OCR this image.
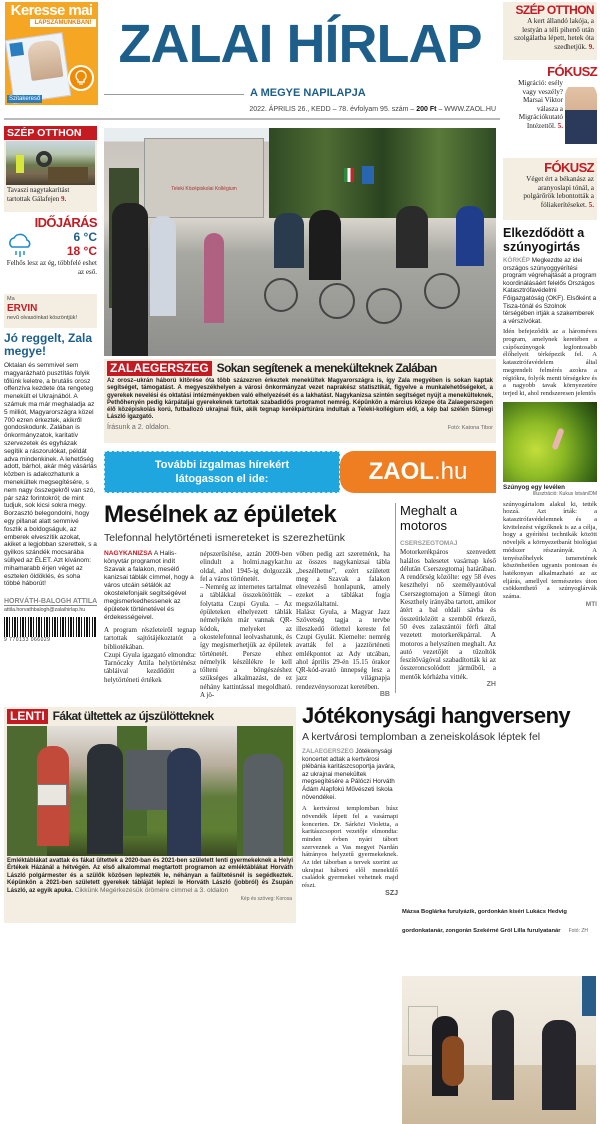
Keresse mai
LAPSZÁMUNKBAN!
Szitakereső
ZALAI HÍRLAP
A MEGYE NAPILAPJA
2022. ÁPRILIS 26., KEDD – 78. évfolyam 95. szám – 200 Ft – WWW.ZAOL.HU
SZÉP OTTHON
A kert állandó lakója, a lestyán a téli pihenő után szolgálatba lépett, hetek óta szedhetjük. 9.
FÓKUSZ
Migráció: esély vagy veszély? Marsai Viktor válasza a Migrációkutató Intézettől. 5.
FÓKUSZ
Véget ért a békanász az aranyoslapi tónál, a polgárőrök lebontották a fóliakerítéseket. 5.
SZÉP OTTHON
Tavaszi nagytakarítást tartottak Gálafejen 9.
IDŐJÁRÁS
6 °C
18 °C
Felhős lesz az ég, többfelé eshet az eső.
Ma
ERVIN
nevű olvasóinkat köszöntjük!
Jó reggelt, Zala megye!
Oktalan és semmivel sem magyarázható pusztítás folyik tőlünk keletre, a brutális orosz offenzíva kezdete óta rengeteg menekült el Ukrajnából. A számuk ma már meghaladja az 5 milliót, Magyarországra közel 700 ezren érkeztek, akikről gondoskodunk. Zalában is önkormányzatok, karitatív szervezetek és egyházak segítik a rászorulókat, példát adva mindenkinek. A lehetőség adott, bárhol, akár még vásárlás közben is adakozhatunk a menekültek megsegítésére, s nem nagy összegekről van szó, pár száz forintokról; de mint tudjuk, sok kicsi sokra megy. Borzasztó belegondolni, hogy egy pillanat alatt semmivé foszlik a boldogságuk, az emberek elveszítik azokat, akiket a legjobban szerettek, s a gyilkos szándék mocsarába süllyed az ÉLET. Azt kívánom: mihamarabb érjen véget az esztelen öldöklés, és soha többé háborút!
HORVÁTH-BALOGH ATTILA
attila.horvathbalogh@zalaihirlap.hu
9 770133 066029
Teleki Középiskolai Kollégium
ZALAEGERSZEG Sokan segítenek a menekülteknek Zalában
Az orosz–ukrán háború kitörése óta több százezren érkeztek menekültek Magyarországra is, így Zala megyében is sokan kaptak segítséget, támogatást. A megyeszékhelyen a városi önkormányzat vezet naprakész statisztikát, figyelve a munkalehetőségeket, a gyerekek nevelési és oktatási intézményekben való elhelyezését és a lakhatást. Nagykanizsa szintén segítséget nyújt a menekülteknek, Pethőhenyén pedig kárpátaljai gyerekeknek tartottak szabadidős programot nemrég. Képünkön a március közepe óta Zalaegerszegen élő középiskolás korú, futballozó ukrajnai fiúk, akik tegnap kerékpártúrára indultak a Teleki-kollégium elől, a kép bal szélén Sümegi László igazgató.
Írásunk a 2. oldalon.	Fotó: Katona Tibor
További izgalmas hírekért
látogasson el ide:	ZAOL.hu
Mesélnek az épületek
Telefonnal helytörténeti ismereteket is szerezhetünk
NAGYKANIZSA A Halis-könyvtár programot indít Szavak a falakon, mesélő kanizsai táblák címmel, hogy a város utcáin sétálók az okostelefonjaik segítségével megismerkedhessenek az épületek történetével és érdekességeivel.
A program részleteiről tegnap tartottak sajtótájékoztatót a bibliotékában.
Czupi Gyula igazgató elmondta: Tarnóczky Attila helytörténész tábláival kezdődött a helytörténeti értékek
népszerűsítése, aztán 2009-ben elindult a holmi.nagykar.hu oldal, ahol 1945-ig dolgozzák fel a város történetét.
– Nemrég az internetes tartalmat a táblákkal összekötöttük – folytatta Czupi Gyula. – Az épületeken elhelyezett táblák némelyikén már vannak QR-kódok, melyeket az okostelefonnal leolvashatunk, és így megismerhetjük az épületek történetét. Persze ehhez némelyik készülékre le kell tölteni a böngészéshez szükséges alkalmazást, de ez néhány kattintással megoldható. A jö-
vőben pedig azt szeretnénk, ha az összes nagykanizsai tábla „beszélhetne”, ezért született meg a Szavak a falakon elnevezésű honlapunk, amely ezeket a táblákat fogja megszólaltatni.
Halász Gyula, a Magyar Jazz Szövetség tagja a tervbe illeszkedő ötlettel kereste fel Czupi Gyulát. Kiemelte: nemrég avatták fel a jazztörténeti emlékpontot az Ady utcában, ahol április 29-én 15.15 órakor QR-kód-avató ünnepség lesz a jazz világnapja rendezvénysorozat keretében.
BB
Meghalt a motoros
CSERSZEGTOMAJ Motorkerékpáros szenvedett halálos balesetet vasárnap késő délután Cserszegtomaj határában. A rendőrség közölte: egy 58 éves keszthelyi nő személyautóval Cserszegtomajon a Sümegi úton Keszthely irányába tartott, amikor átért a bal oldali sávba és összeütközött a szemből érkező, 50 éves zalaszántói férfi által vezetett motorkerékpárral. A motoros a helyszínen meghalt. Az autó vezetőjét a tűzoltók feszítővágóval szabadították ki az összeroncsolódott járműből, a mentők kórházba vitték.
ZH
Elkezdődött a szúnyogirtás
KÖRKÉP Megkezdte az idei országos szúnyoggyérítési program végrehajtását a program koordinálásáért felelős Országos Katasztrófavédelmi Főigazgatóság (OKF). Elsőként a Tisza-tónál és Szolnok térségében irtják a szakemberek a vérszívókat.
Idén befejeződik az a hároméves program, amelynek keretében a csípőszúnyogok legfontosabb élőhelyeit térképezik fel. A katasztrófavédelem által megrendelt felmérés azokra a régiókra, folyók menti térségekre és a nagyobb tavak környezetére terjed ki, ahol rendszeresen jelentős
Szúnyog egy levélen
Illusztráció: Kukus István/DM
szúnyogártalom alakul ki, tették hozzá. Azt írták: a katasztrófavédelemnek és a kivitelezést végzőknek is az a célja, hogy a gyérítési technikák között növeljék a környezetbarát biológiai módszer részarányát. A tenyészőhelyek ismeretének köszönhetően ugyanis pontosan és hatékonyan alkalmazható az az eljárás, amellyel természetes úton csökkenthető a szúnyoglárvák száma.
MTI
LENTI Fákat ültettek az újszülötteknek
Emléktáblákat avattak és fákat ültettek a 2020-ban és 2021-ben született lenti gyermekeknek a Helyi Értékek Házánál a hétvégén. Az első alkalommal megtartott programon az emléktáblákat Horváth László polgármester és a szülők közösen leplezték le, néhányan a faültetésnél is segédkeztek. Képünkön a 2021-ben született gyerekek tábláját leplezi le Horváth László (jobbról) és Zsupán László, az egyik apuka. Cikkünk Megérkezésük örömére címmel a 3. oldalon
Kép és szöveg: Korosa
Jótékonysági hangverseny
A kertvárosi templomban a zeneiskolások léptek fel
ZALAEGERSZEG Jótékonysági koncertet adtak a kertvárosi plébánia karitászcsoportja javára, az ukrajnai menekültek megsegítésére a Pálóczi Horváth Ádám Alapfokú Művészeti Iskola növendékei.
A kertvárosi templomban húsz növendék lépett fel a vasárnapi koncerten. Dr. Sárközi Violetta, a karitászcsoport vezetője elmondta: minden évben nyári tábort szerveznek a Vas megyei Nardán hátrányos helyzetű gyermekeknek. Az idei táborban a tervek szerint az ukrajnai háború elől menekülő családok gyermekei vehetnek majd részt.
SZJ
Mázsa Boglárka furulyázik, gordonkán kíséri Lukács Hedvig gordonkatanár, zongorán Szekérné Gról Lilla furulyatanár Fotó: ZH
